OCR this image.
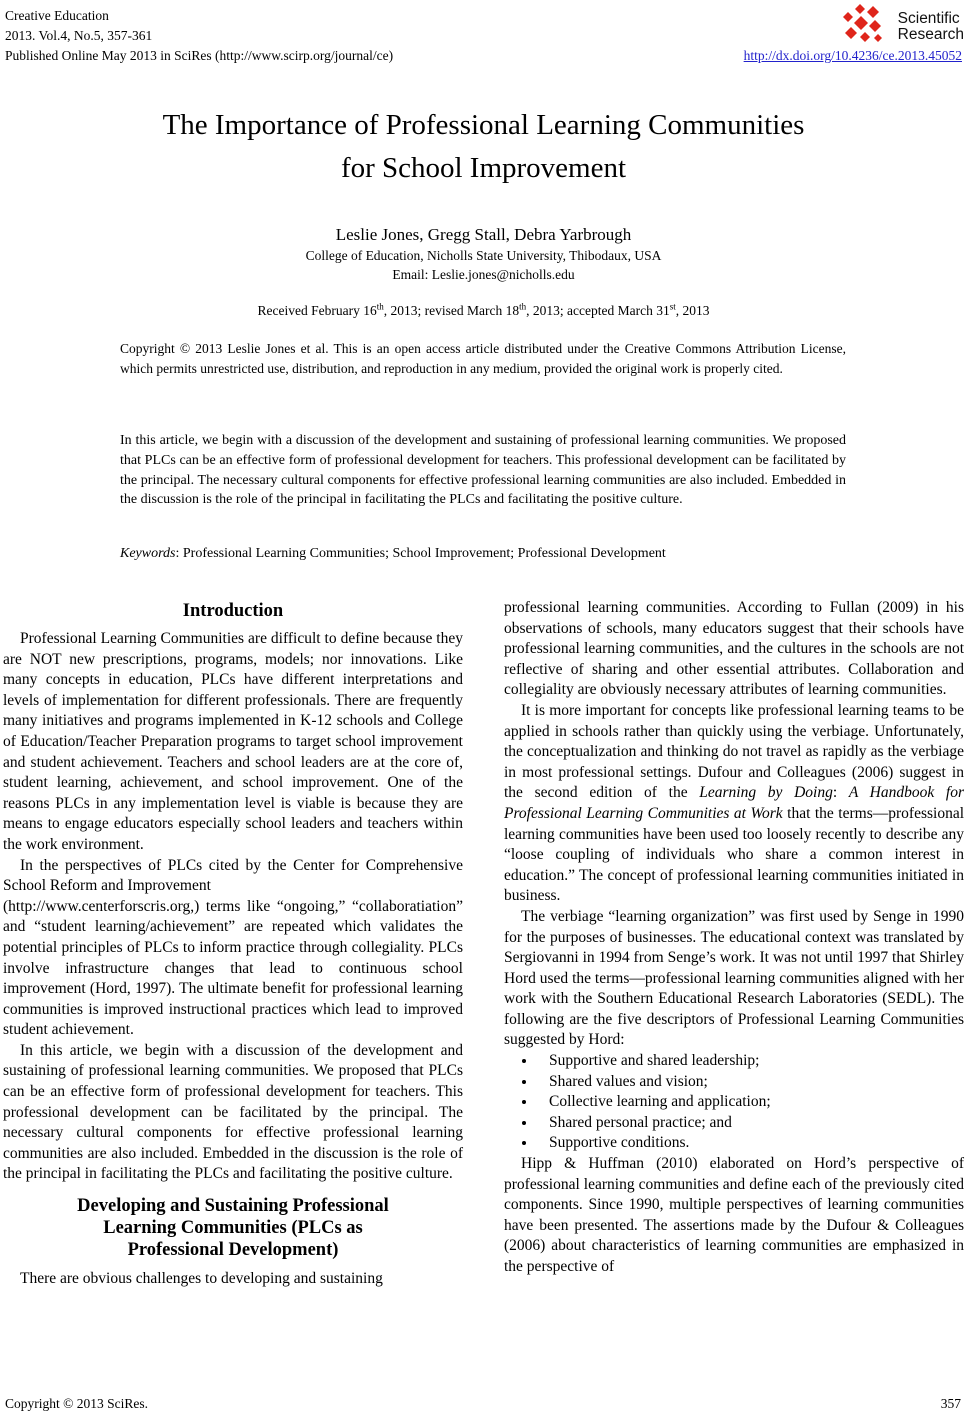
Creative Education
2013. Vol.4, No.5, 357-361
Published Online May 2013 in SciRes (http://www.scirp.org/journal/ce)
Scientific
Research
http://dx.doi.org/10.4236/ce.2013.45052
The Importance of Professional Learning Communities
for School Improvement
Leslie Jones, Gregg Stall, Debra Yarbrough
College of Education, Nicholls State University, Thibodaux, USA
Email: Leslie.jones@nicholls.edu
Received February 16th, 2013; revised March 18th, 2013; accepted March 31st, 2013
Copyright © 2013 Leslie Jones et al. This is an open access article distributed under the Creative Commons Attribution License, which permits unrestricted use, distribution, and reproduction in any medium, provided the original work is properly cited.
In this article, we begin with a discussion of the development and sustaining of professional learning communities. We proposed that PLCs can be an effective form of professional development for teachers. This professional development can be facilitated by the principal. The necessary cultural components for effective professional learning communities are also included. Embedded in the discussion is the role of the principal in facilitating the PLCs and facilitating the positive culture.
Keywords: Professional Learning Communities; School Improvement; Professional Development
Introduction

Professional Learning Communities are difficult to define because they are NOT new prescriptions, programs, models; nor innovations. Like many concepts in education, PLCs have different interpretations and levels of implementation for different professionals. There are frequently many initiatives and programs implemented in K-12 schools and College of Education/Teacher Preparation programs to target school improvement and student achievement. Teachers and school leaders are at the core of, student learning, achievement, and school improvement. One of the reasons PLCs in any implementation level is viable is because they are means to engage educators especially school leaders and teachers within the work environment.

In the perspectives of PLCs cited by the Center for Comprehensive School Reform and Improvement
(http://www.centerforscris.org,) terms like “ongoing,” “collaboratiation” and “student learning/achievement” are repeated which validates the potential principles of PLCs to inform practice through collegiality. PLCs involve infrastructure changes that lead to continuous school improvement (Hord, 1997). The ultimate benefit for professional learning communities is improved instructional practices which lead to improved student achievement.

In this article, we begin with a discussion of the development and sustaining of professional learning communities. We proposed that PLCs can be an effective form of professional development for teachers. This professional development can be facilitated by the principal. The necessary cultural components for effective professional learning communities are also included. Embedded in the discussion is the role of the principal in facilitating the PLCs and facilitating the positive culture.

Developing and Sustaining Professional
Learning Communities (PLCs as
Professional Development)

There are obvious challenges to developing and sustaining

professional learning communities. According to Fullan (2009) in his observations of schools, many educators suggest that their schools have professional learning communities, and the cultures in the schools are not reflective of sharing and other essential attributes. Collaboration and collegiality are obviously necessary attributes of learning communities.

It is more important for concepts like professional learning teams to be applied in schools rather than quickly using the verbiage. Unfortunately, the conceptualization and thinking do not travel as rapidly as the verbiage in most professional settings. Dufour and Colleagues (2006) suggest in the second edition of the Learning by Doing: A Handbook for Professional Learning Communities at Work that the terms—professional learning communities have been used too loosely recently to describe any “loose coupling of individuals who share a common interest in education.” The concept of professional learning communities initiated in business.

The verbiage “learning organization” was first used by Senge in 1990 for the purposes of businesses. The educational context was translated by Sergiovanni in 1994 from Senge’s work. It was not until 1997 that Shirley Hord used the terms—professional learning communities aligned with her work with the Southern Educational Research Laboratories (SEDL). The following are the five descriptors of Professional Learning Communities suggested by Hord:

• Supportive and shared leadership;
• Shared values and vision;
• Collective learning and application;
• Shared personal practice; and
• Supportive conditions.

Hipp & Huffman (2010) elaborated on Hord’s perspective of professional learning communities and define each of the previously cited components. Since 1990, multiple perspectives of learning communities have been presented. The assertions made by the Dufour & Colleagues (2006) about characteristics of learning communities are emphasized in the perspective of

Copyright © 2013 SciRes.	357
